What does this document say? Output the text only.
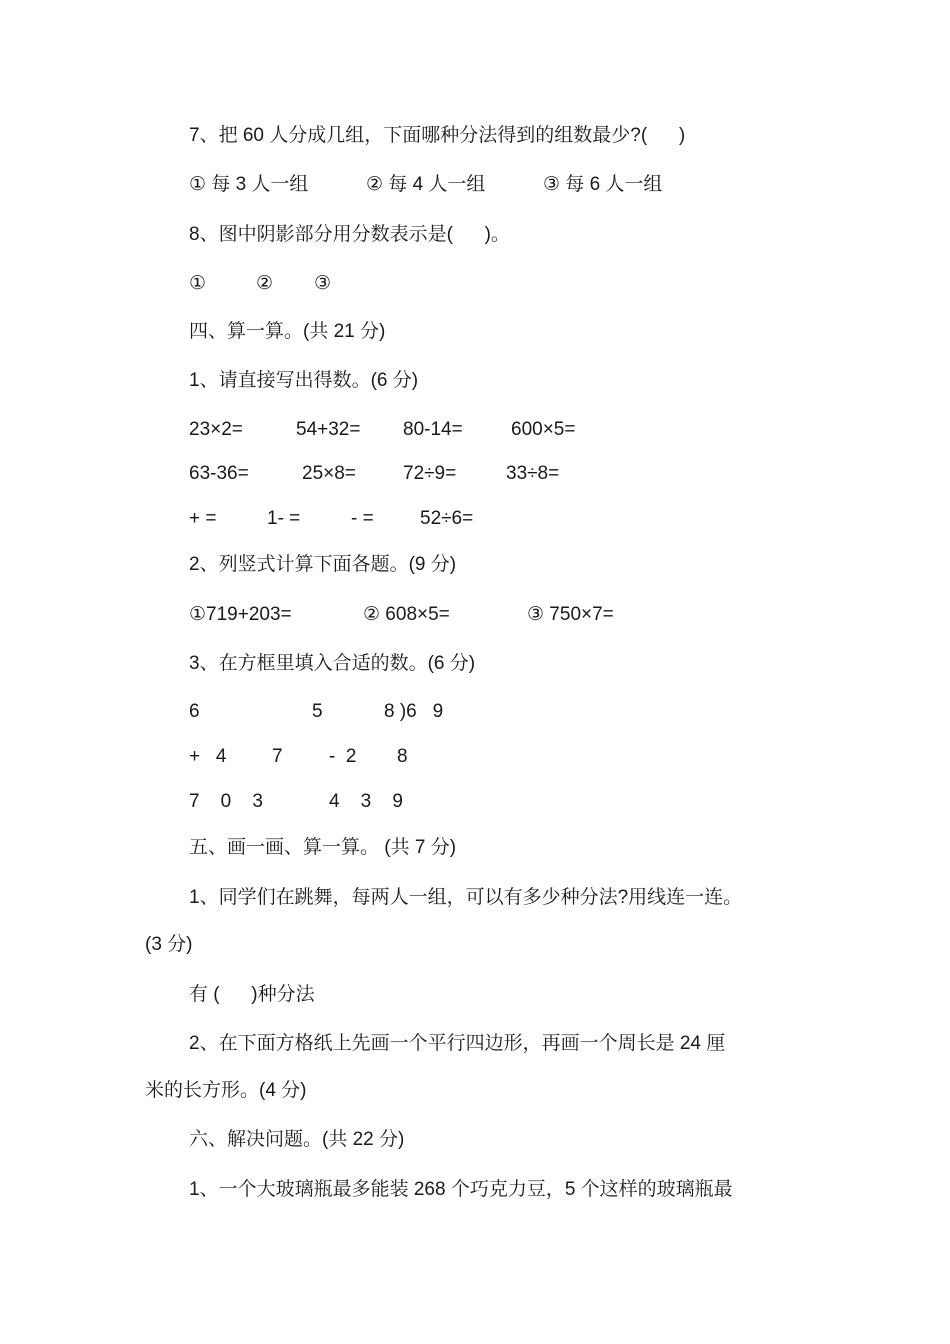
7、把 60 人分成几组，下面哪种分法得到的组数最少?(      )
① 每 3 人一组	② 每 4 人一组	③ 每 6 人一组
8、图中阴影部分用分数表示是(      )。
①	② ③
四、算一算。(共 21 分)
1、请直接写出得数。(6 分)
23×2=	54+32= 80-14=	600×5=
63-36=	25×8= 72÷9=	33÷8=
+ =	1- =	- = 52÷6=
2、列竖式计算下面各题。(9 分)
①719+203=	② 608×5=	③ 750×7=
3、在方框里填入合适的数。(6 分)
6	5	8 )6   9
+   4 7 -  2 8
7    0    3	4    3    9
五、画一画、算一算。 (共 7 分)
1、同学们在跳舞，每两人一组，可以有多少种分法?用线连一连。
(3 分)
有 (      )种分法
2、在下面方格纸上先画一个平行四边形，再画一个周长是 24 厘
米的长方形。(4 分)
六、解决问题。(共 22 分)
1、一个大玻璃瓶最多能装 268 个巧克力豆，5 个这样的玻璃瓶最
